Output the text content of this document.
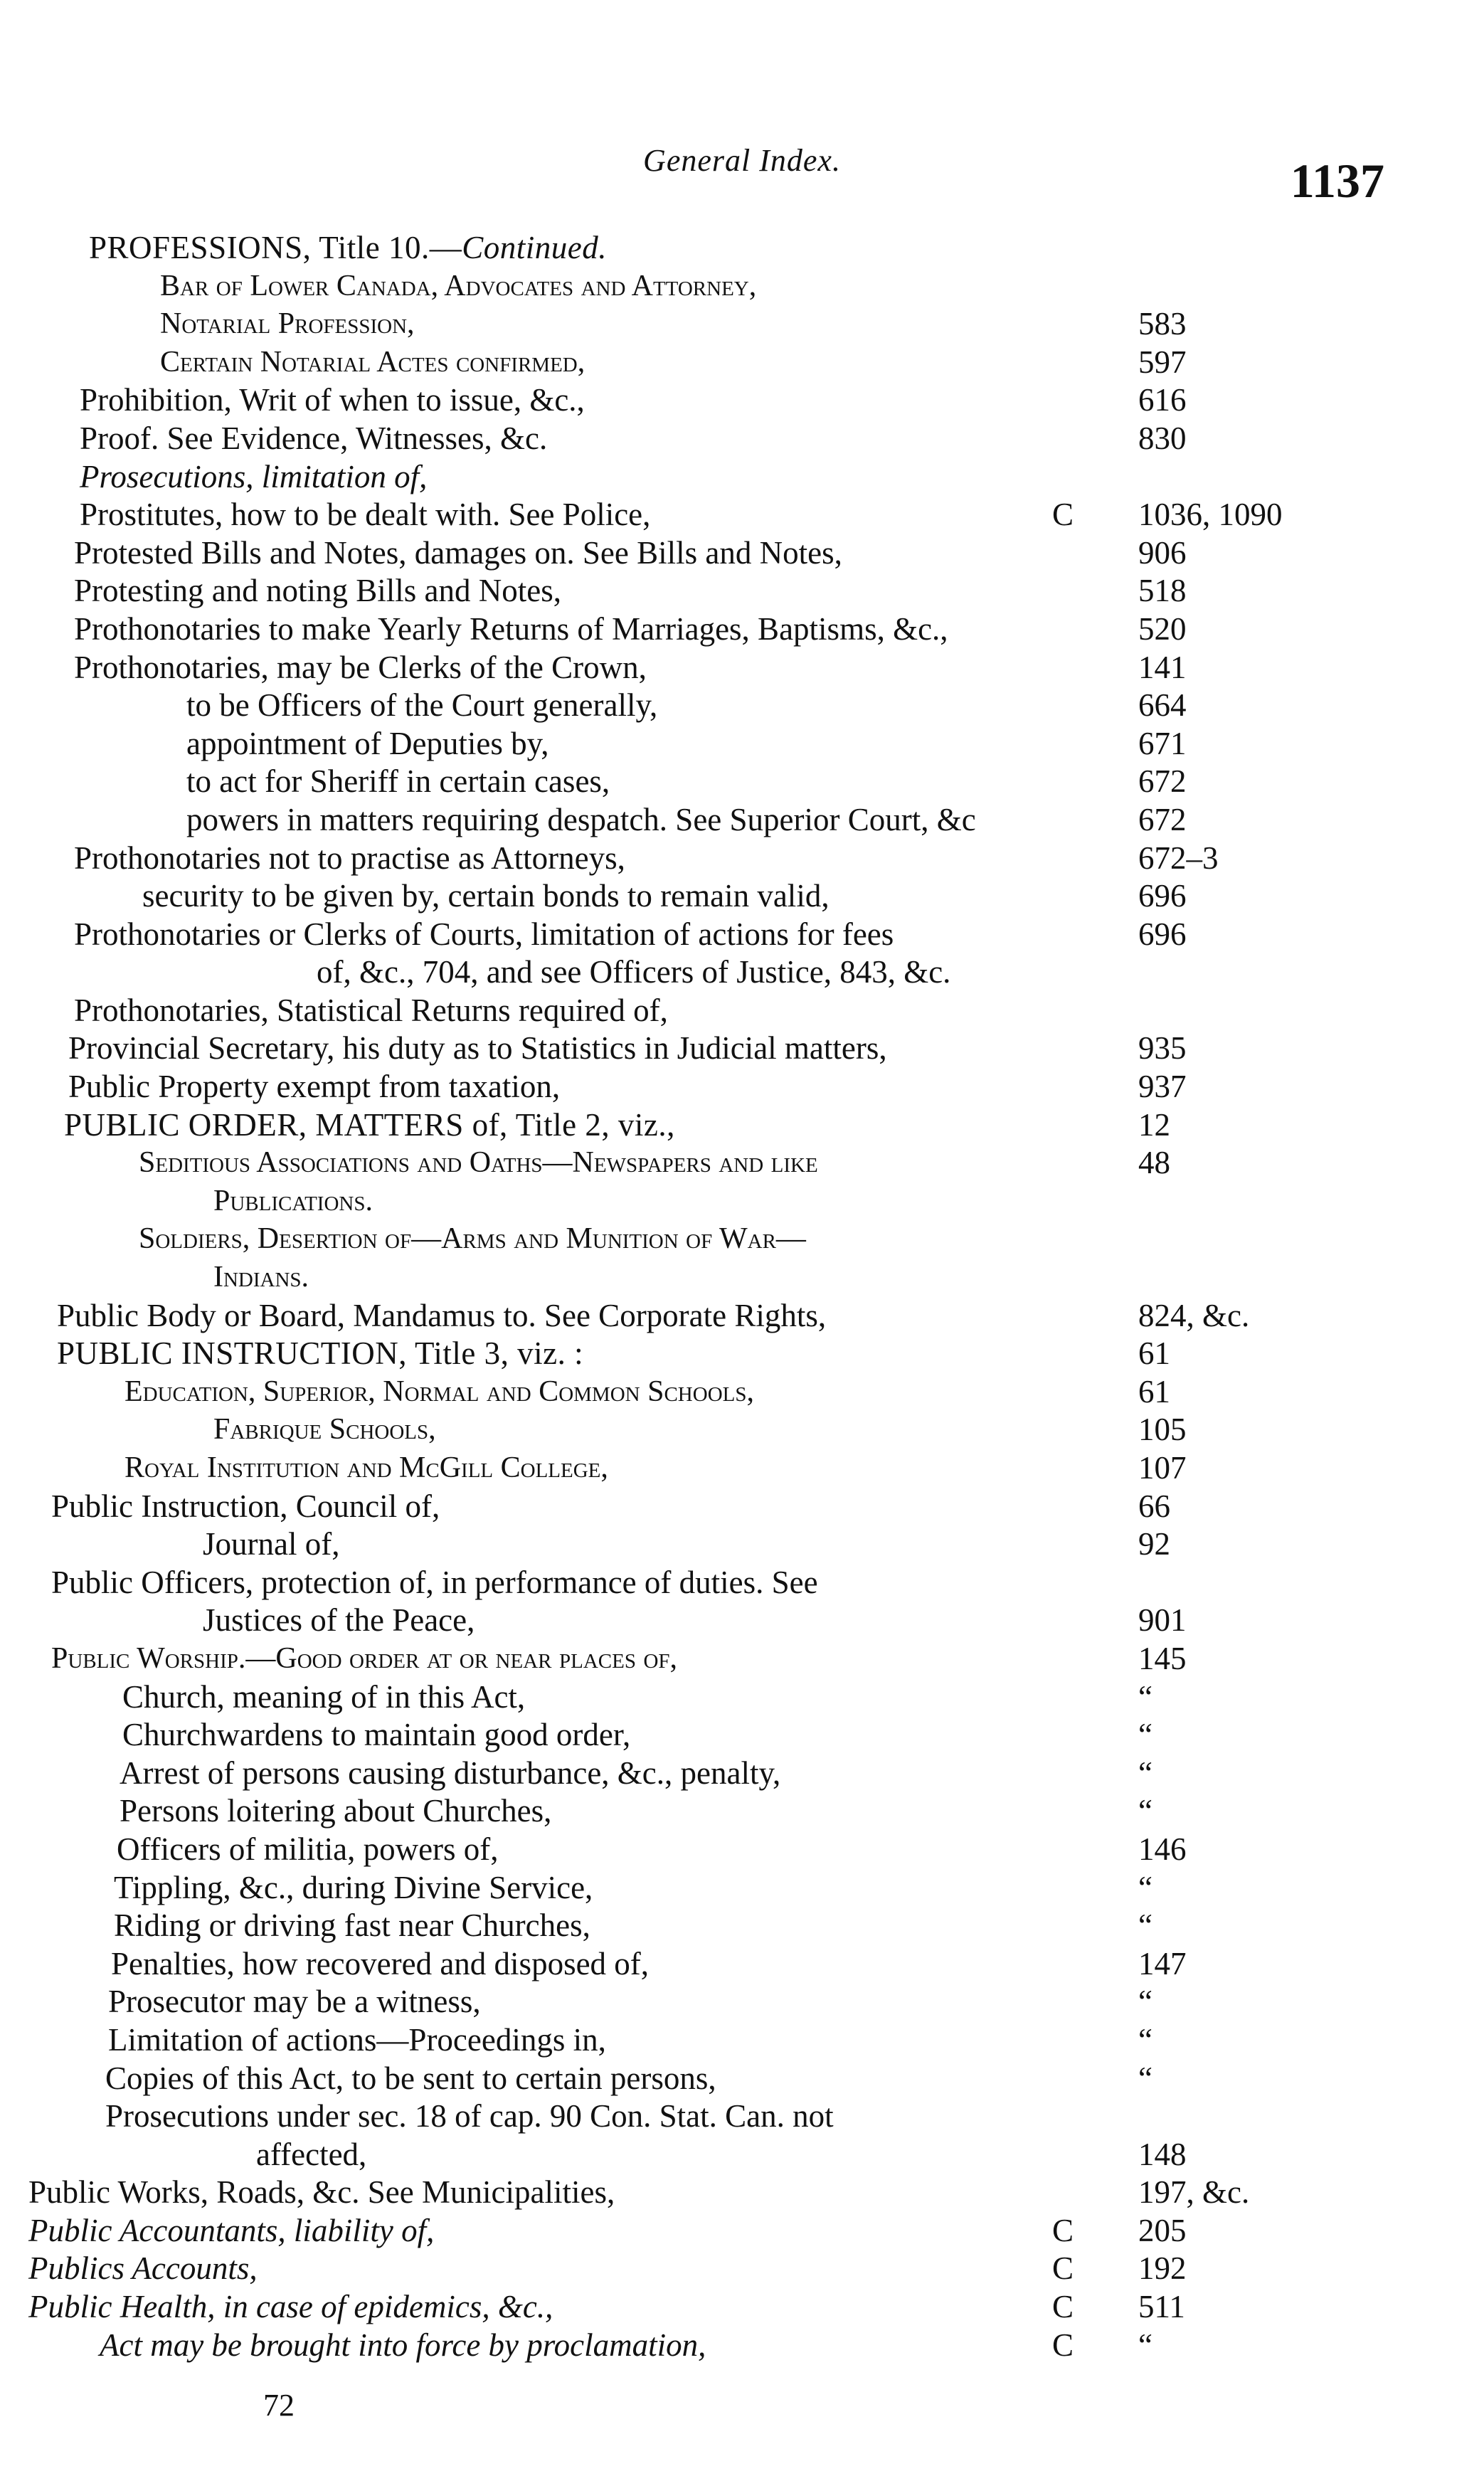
General Index.	1137
PROFESSIONS, Title 10.—Continued.
Bar of Lower Canada, Advocates and Attorney,
Notarial Profession,	583
Certain Notarial Actes confirmed,	597
Prohibition, Writ of when to issue, &c.,	616
Proof. See Evidence, Witnesses, &c.	830
Prosecutions, limitation of,
Prostitutes, how to be dealt with. See Police,	C	1036, 1090
Protested Bills and Notes, damages on. See Bills and Notes,	906
Protesting and noting Bills and Notes,	518
Prothonotaries to make Yearly Returns of Marriages, Baptisms, &c.,	520
Prothonotaries, may be Clerks of the Crown,	141
to be Officers of the Court generally,	664
appointment of Deputies by,	671
to act for Sheriff in certain cases,	672
powers in matters requiring despatch. See Superior Court, &c	672
Prothonotaries not to practise as Attorneys,	672–3
security to be given by, certain bonds to remain valid,	696
Prothonotaries or Clerks of Courts, limitation of actions for fees	696
of, &c., 704, and see Officers of Justice, 843, &c.
Prothonotaries, Statistical Returns required of,
Provincial Secretary, his duty as to Statistics in Judicial matters,	935
Public Property exempt from taxation,	937
PUBLIC ORDER, MATTERS of, Title 2, viz.,	12
Seditious Associations and Oaths—Newspapers and like	48
Publications.
Soldiers, Desertion of—Arms and Munition of War—
Indians.
Public Body or Board, Mandamus to. See Corporate Rights,	824, &c.
PUBLIC INSTRUCTION, Title 3, viz. :	61
Education, Superior, Normal and Common Schools,	61
Fabrique Schools,	105
Royal Institution and McGill College,	107
Public Instruction, Council of,	66
Journal of,	92
Public Officers, protection of, in performance of duties. See
Justices of the Peace,	901
Public Worship.—Good order at or near places of,	145
Church, meaning of in this Act,	“
Churchwardens to maintain good order,	“
Arrest of persons causing disturbance, &c., penalty,	“
Persons loitering about Churches,	“
Officers of militia, powers of,	146
Tippling, &c., during Divine Service,	“
Riding or driving fast near Churches,	“
Penalties, how recovered and disposed of,	147
Prosecutor may be a witness,	“
Limitation of actions—Proceedings in,	“
Copies of this Act, to be sent to certain persons,	“
Prosecutions under sec. 18 of cap. 90 Con. Stat. Can. not
affected,	148
Public Works, Roads, &c. See Municipalities,	197, &c.
Public Accountants, liability of,	C	205
Publics Accounts,	C	192
Public Health, in case of epidemics, &c.,	C	511
Act may be brought into force by proclamation,	C	“
72
